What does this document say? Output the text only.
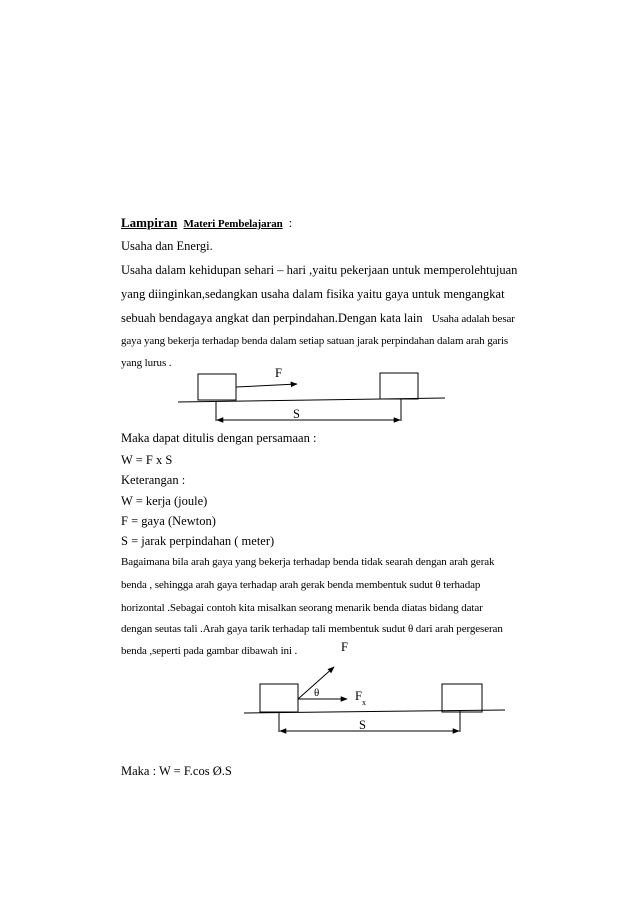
Lampiran Materi Pembelajaran :
Usaha dan Energi.
Usaha dalam kehidupan sehari – hari ,yaitu pekerjaan untuk memperolehtujuan
yang diinginkan,sedangkan usaha dalam fisika yaitu gaya untuk mengangkat
sebuah bendagaya angkat dan perpindahan.Dengan kata lain Usaha adalah besar
gaya yang bekerja terhadap benda dalam setiap satuan jarak perpindahan dalam arah garis
yang lurus .
F
S
Maka dapat ditulis dengan persamaan :
W = F x S
Keterangan :
W = kerja (joule)
F = gaya (Newton)
S = jarak perpindahan ( meter)
Bagaimana bila arah gaya yang bekerja terhadap benda tidak searah dengan arah gerak
benda , sehingga arah gaya terhadap arah gerak benda membentuk sudut θ terhadap
horizontal .Sebagai contoh kita misalkan seorang menarik benda diatas bidang datar
dengan seutas tali .Arah gaya tarik terhadap tali membentuk sudut θ dari arah pergeseran
benda ,seperti pada gambar dibawah ini .	F
θ	$F_x$
S
Maka : W = F.cos Ø.S
